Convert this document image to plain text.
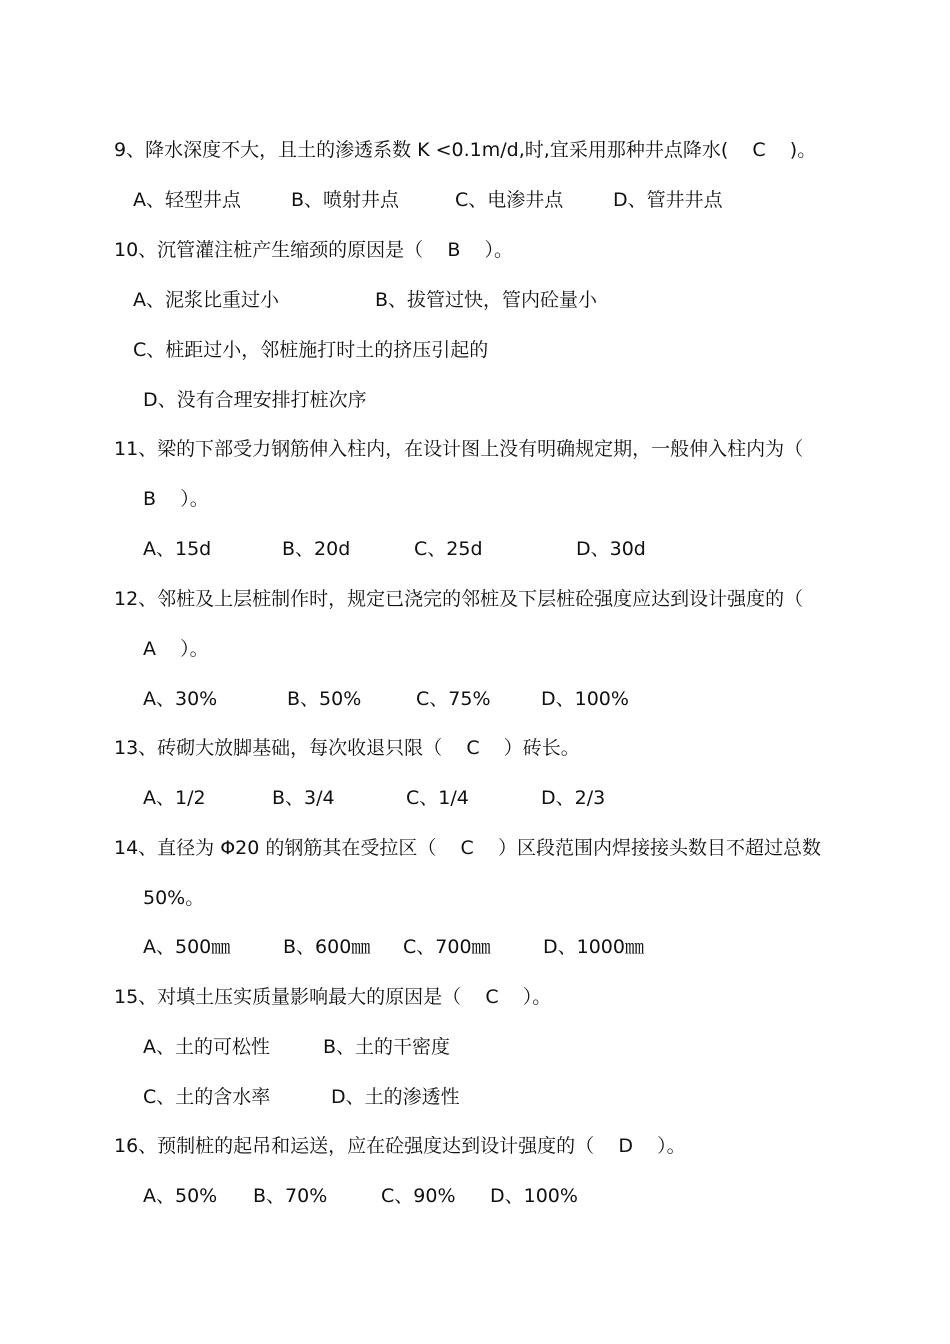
9、降水深度不大，且土的渗透系数 K <0.1m/d,时,宜采用那种井点降水(    C    )。
A、轻型井点	B、喷射井点	C、电渗井点	D、管井井点
10、沉管灌注桩产生缩颈的原因是（    B    ）。
A、泥浆比重过小	B、拔管过快，管内砼量小
C、桩距过小，邻桩施打时土的挤压引起的
D、没有合理安排打桩次序
11、梁的下部受力钢筋伸入柱内，在设计图上没有明确规定期，一般伸入柱内为（
B    ）。
A、15d	B、20d	C、25d	D、30d
12、邻桩及上层桩制作时，规定已浇完的邻桩及下层桩砼强度应达到设计强度的（
A    ）。
A、30%	B、50%	C、75%	D、100%
13、砖砌大放脚基础，每次收退只限（    C    ）砖长。
A、1/2	B、3/4	C、1/4	D、2/3
14、直径为 Φ20 的钢筋其在受拉区（    C    ）区段范围内焊接接头数目不超过总数
50%。
A、500㎜	B、600㎜ C、700㎜	D、1000㎜
15、对填土压实质量影响最大的原因是（    C    ）。
A、土的可松性	B、土的干密度
C、土的含水率	D、土的渗透性
16、预制桩的起吊和运送，应在砼强度达到设计强度的（    D    ）。
A、50% B、70%	C、90% D、100%
